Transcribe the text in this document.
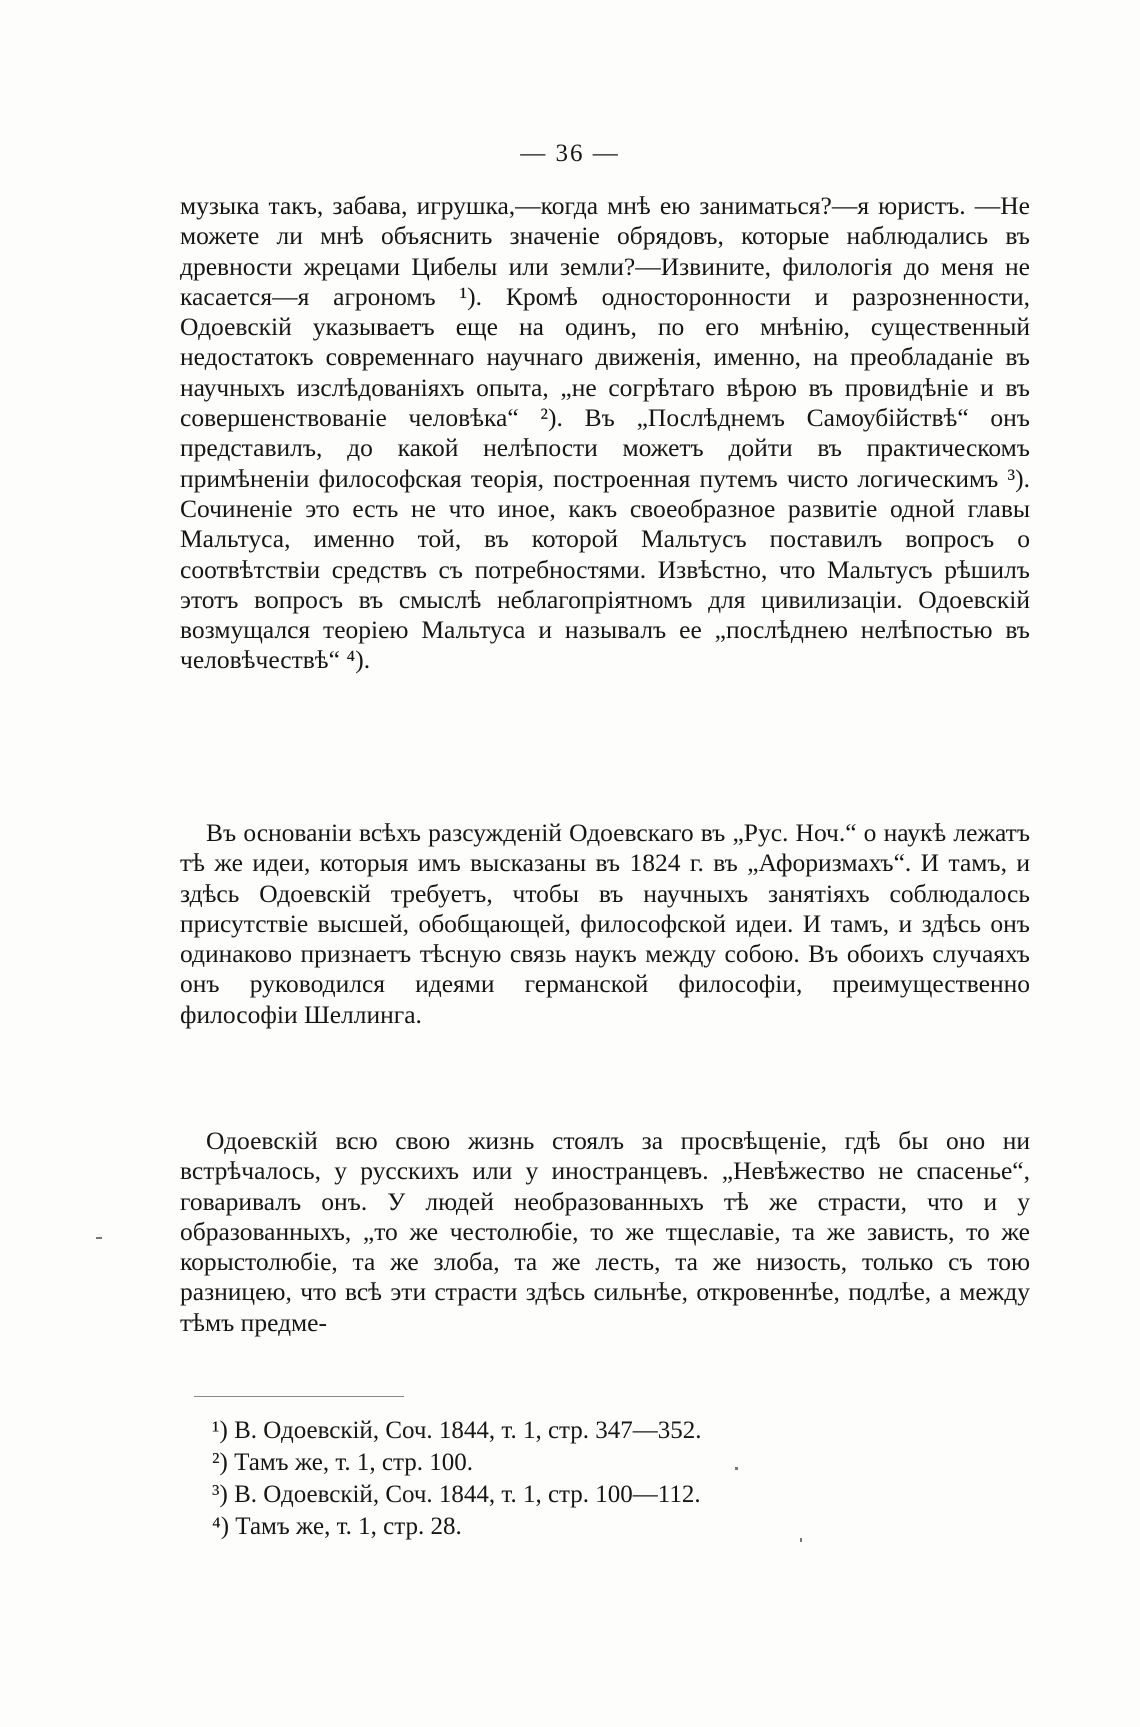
— 36 —

музыка такъ, забава, игрушка,—когда мнѣ ею заниматься?—я юристъ. —Не можете ли мнѣ объяснить значеніе обрядовъ, которые наблюдались въ древности жрецами Цибелы или земли?—Извините, филологія до меня не касается—я агрономъ ¹). Кромѣ односторонности и разрозненности, Одоевскій указываетъ еще на одинъ, по его мнѣнію, существенный недостатокъ современнаго научнаго движенія, именно, на преобладаніе въ научныхъ изслѣдованіяхъ опыта, „не согрѣтаго вѣрою въ провидѣніе и въ совершенствованіе человѣка“ ²). Въ „Послѣднемъ Самоубійствѣ“ онъ представилъ, до какой нелѣпости можетъ дойти въ практическомъ примѣненіи философская теорія, построенная путемъ чисто логическимъ ³). Сочиненіе это есть не что иное, какъ своеобразное развитіе одной главы Мальтуса, именно той, въ которой Мальтусъ поставилъ вопросъ о соотвѣтствіи средствъ съ потребностями. Извѣстно, что Мальтусъ рѣшилъ этотъ вопросъ въ смыслѣ неблагопріятномъ для цивилизаціи. Одоевскій возмущался теоріею Мальтуса и называлъ ее „послѣднею нелѣпостью въ человѣчествѣ“ ⁴).

Въ основаніи всѣхъ разсужденій Одоевскаго въ „Рус. Ноч.“ о наукѣ лежатъ тѣ же идеи, которыя имъ высказаны въ 1824 г. въ „Афоризмахъ“. И тамъ, и здѣсь Одоевскій требуетъ, чтобы въ научныхъ занятіяхъ соблюдалось присутствіе высшей, обобщающей, философской идеи. И тамъ, и здѣсь онъ одинаково признаетъ тѣсную связь наукъ между собою. Въ обоихъ случаяхъ онъ руководился идеями германской философіи, преимущественно философіи Шеллинга.

Одоевскій всю свою жизнь стоялъ за просвѣщеніе, гдѣ бы оно ни встрѣчалось, у русскихъ или у иностранцевъ. „Невѣжество не спасенье“, говаривалъ онъ. У людей необразованныхъ тѣ же страсти, что и у образованныхъ, „то же честолюбіе, то же тщеславіе, та же зависть, то же корыстолюбіе, та же злоба, та же лесть, та же низость, только съ тою разницею, что всѣ эти страсти здѣсь сильнѣе, откровеннѣе, подлѣе, а между тѣмъ предме-

¹) В. Одоевскій, Соч. 1844, т. 1, стр. 347—352.
²) Тамъ же, т. 1, стр. 100.
³) В. Одоевскій, Соч. 1844, т. 1, стр. 100—112.
⁴) Тамъ же, т. 1, стр. 28.
